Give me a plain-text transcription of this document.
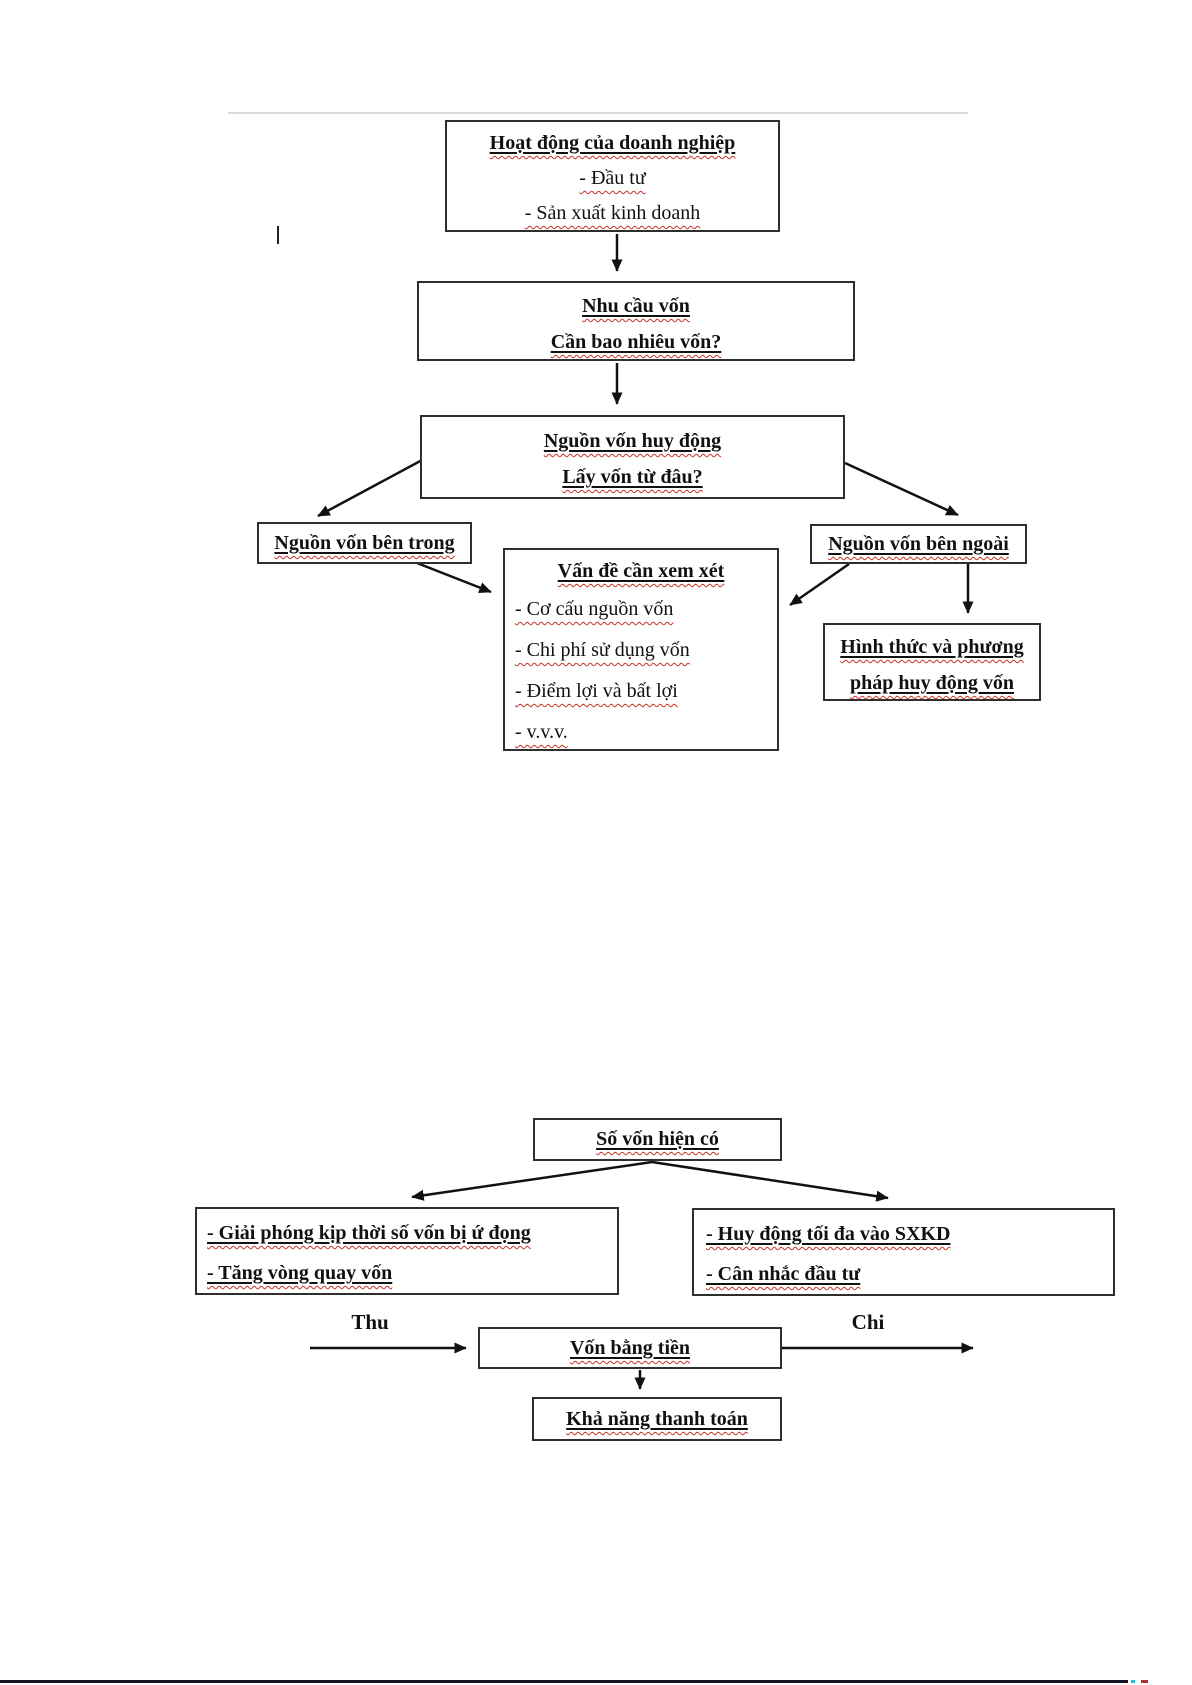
Hoạt động của doanh nghiệp
- Đầu tư
- Sản xuất kinh doanh
Nhu cầu vốn
Cần bao nhiêu vốn?
Nguồn vốn huy động
Lấy vốn từ đâu?
Nguồn vốn bên trong	Nguồn vốn bên ngoài
Vấn đề cần xem xét
- Cơ cấu nguồn vốn
- Chi phí sử dụng vốn
- Điểm lợi và bất lợi
- v.v.v.
Hình thức và phương
pháp huy động vốn
Số vốn hiện có
- Giải phóng kịp thời số vốn bị ứ đọng
- Tăng vòng quay vốn
- Huy động tối đa vào SXKD
- Cân nhắc đầu tư
Thu	Chi
Vốn bằng tiền
Khả năng thanh toán
